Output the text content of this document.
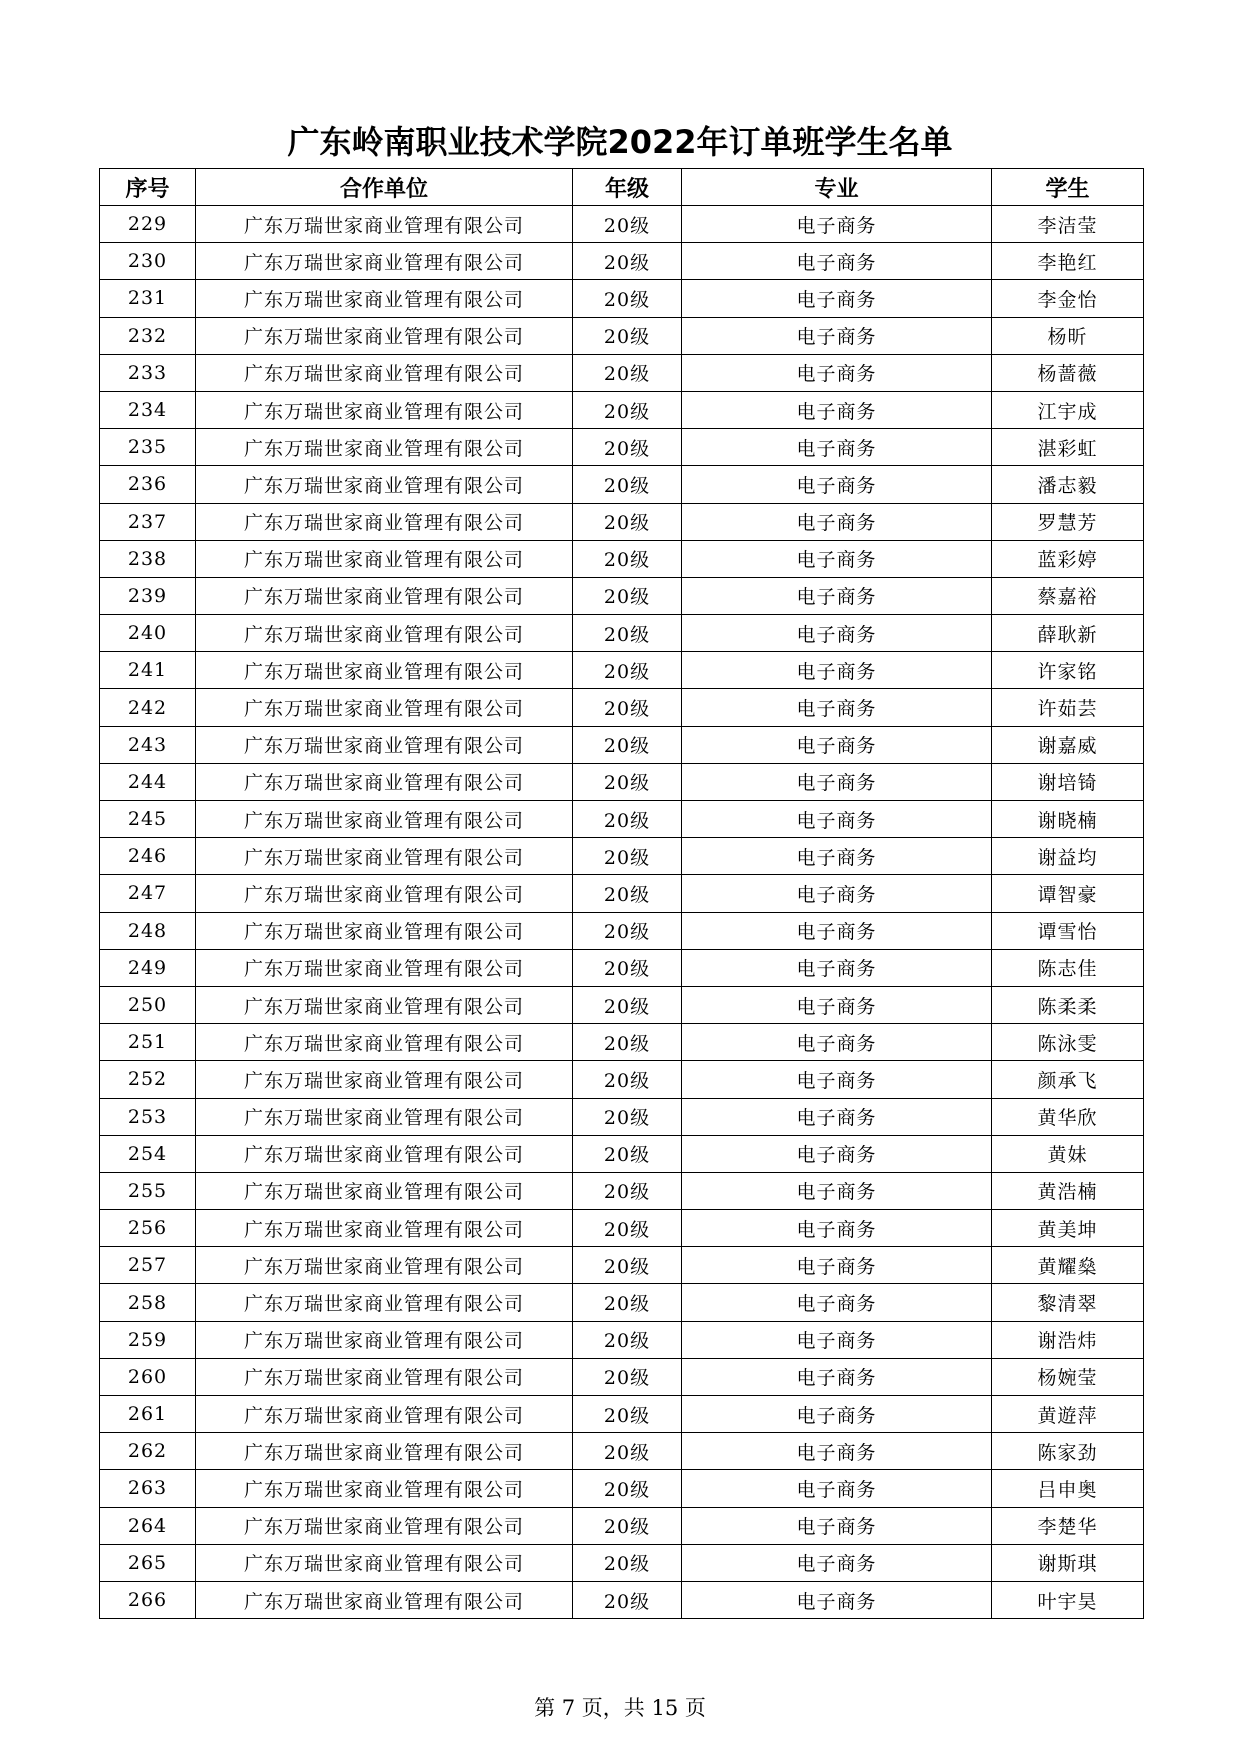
广东岭南职业技术学院2022年订单班学生名单
序号	合作单位	年级	专业	学生
229	广东万瑞世家商业管理有限公司	20级	电子商务	李洁莹
230	广东万瑞世家商业管理有限公司	20级	电子商务	李艳红
231	广东万瑞世家商业管理有限公司	20级	电子商务	李金怡
232	广东万瑞世家商业管理有限公司	20级	电子商务	杨昕
233	广东万瑞世家商业管理有限公司	20级	电子商务	杨蔷薇
234	广东万瑞世家商业管理有限公司	20级	电子商务	江宇成
235	广东万瑞世家商业管理有限公司	20级	电子商务	湛彩虹
236	广东万瑞世家商业管理有限公司	20级	电子商务	潘志毅
237	广东万瑞世家商业管理有限公司	20级	电子商务	罗慧芳
238	广东万瑞世家商业管理有限公司	20级	电子商务	蓝彩婷
239	广东万瑞世家商业管理有限公司	20级	电子商务	蔡嘉裕
240	广东万瑞世家商业管理有限公司	20级	电子商务	薛耿新
241	广东万瑞世家商业管理有限公司	20级	电子商务	许家铭
242	广东万瑞世家商业管理有限公司	20级	电子商务	许茹芸
243	广东万瑞世家商业管理有限公司	20级	电子商务	谢嘉威
244	广东万瑞世家商业管理有限公司	20级	电子商务	谢培锜
245	广东万瑞世家商业管理有限公司	20级	电子商务	谢晓楠
246	广东万瑞世家商业管理有限公司	20级	电子商务	谢益均
247	广东万瑞世家商业管理有限公司	20级	电子商务	谭智豪
248	广东万瑞世家商业管理有限公司	20级	电子商务	谭雪怡
249	广东万瑞世家商业管理有限公司	20级	电子商务	陈志佳
250	广东万瑞世家商业管理有限公司	20级	电子商务	陈柔柔
251	广东万瑞世家商业管理有限公司	20级	电子商务	陈泳雯
252	广东万瑞世家商业管理有限公司	20级	电子商务	颜承飞
253	广东万瑞世家商业管理有限公司	20级	电子商务	黄华欣
254	广东万瑞世家商业管理有限公司	20级	电子商务	黄妹
255	广东万瑞世家商业管理有限公司	20级	电子商务	黄浩楠
256	广东万瑞世家商业管理有限公司	20级	电子商务	黄美坤
257	广东万瑞世家商业管理有限公司	20级	电子商务	黄耀燊
258	广东万瑞世家商业管理有限公司	20级	电子商务	黎清翠
259	广东万瑞世家商业管理有限公司	20级	电子商务	谢浩炜
260	广东万瑞世家商业管理有限公司	20级	电子商务	杨婉莹
261	广东万瑞世家商业管理有限公司	20级	电子商务	黄遊萍
262	广东万瑞世家商业管理有限公司	20级	电子商务	陈家劲
263	广东万瑞世家商业管理有限公司	20级	电子商务	吕申奥
264	广东万瑞世家商业管理有限公司	20级	电子商务	李楚华
265	广东万瑞世家商业管理有限公司	20级	电子商务	谢斯琪
266	广东万瑞世家商业管理有限公司	20级	电子商务	叶宇昊
第 7 页，共 15 页
